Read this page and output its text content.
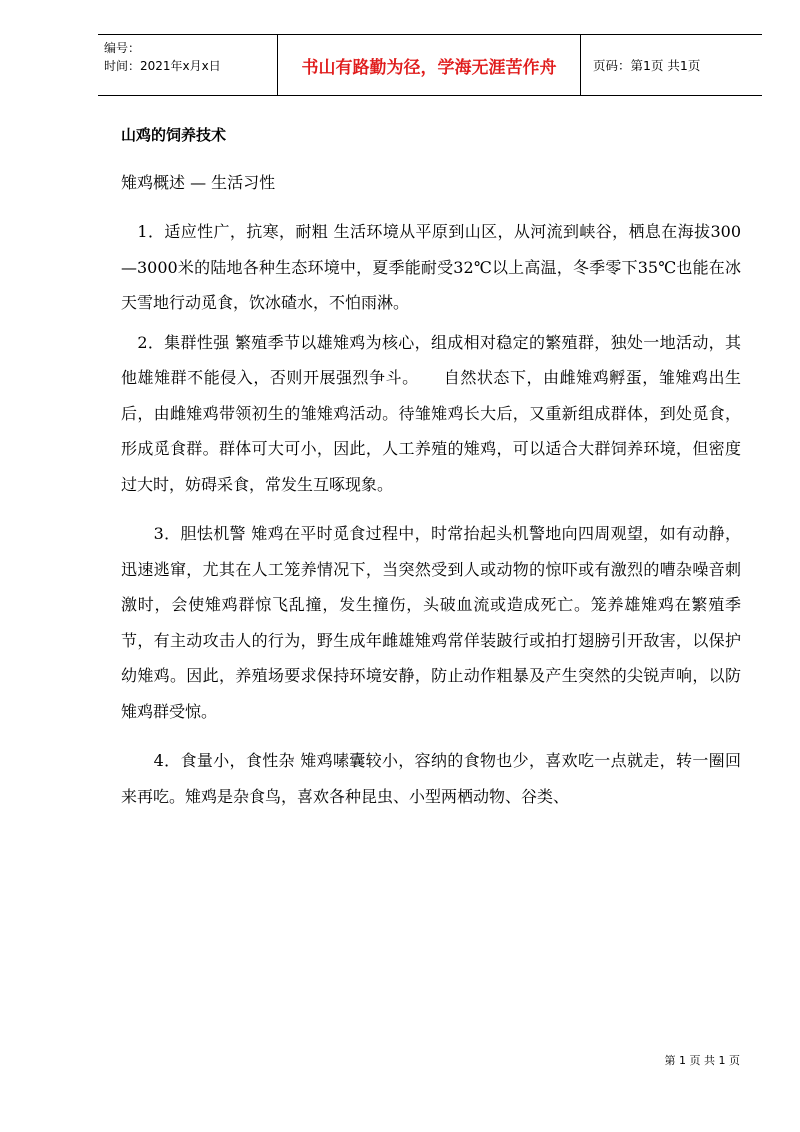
编号：
时间：2021年x月x日	书山有路勤为径，学海无涯苦作舟	页码：第1页 共1页
山鸡的饲养技术
雉鸡概述 — 生活习性

　1．适应性广，抗寒，耐粗 生活环境从平原到山区，从河流到峡谷，栖息在海拔300—3000米的陆地各种生态环境中，夏季能耐受32℃以上高温，冬季零下35℃也能在冰天雪地行动觅食，饮冰碴水，不怕雨淋。

　2．集群性强 繁殖季节以雄雉鸡为核心，组成相对稳定的繁殖群，独处一地活动，其他雄雉群不能侵入，否则开展强烈争斗。　　自然状态下，由雌雉鸡孵蛋，雏雉鸡出生后，由雌雉鸡带领初生的雏雉鸡活动。待雏雉鸡长大后，又重新组成群体，到处觅食，形成觅食群。群体可大可小，因此，人工养殖的雉鸡，可以适合大群饲养环境，但密度过大时，妨碍采食，常发生互啄现象。

　　3．胆怯机警 雉鸡在平时觅食过程中，时常抬起头机警地向四周观望，如有动静，迅速逃窜，尤其在人工笼养情况下，当突然受到人或动物的惊吓或有激烈的嘈杂噪音刺激时，会使雉鸡群惊飞乱撞，发生撞伤，头破血流或造成死亡。笼养雄雉鸡在繁殖季节，有主动攻击人的行为，野生成年雌雄雉鸡常佯装跛行或拍打翅膀引开敌害，以保护幼雉鸡。因此，养殖场要求保持环境安静，防止动作粗暴及产生突然的尖锐声响，以防雉鸡群受惊。

　　4．食量小，食性杂 雉鸡嗉囊较小，容纳的食物也少，喜欢吃一点就走，转一圈回来再吃。雉鸡是杂食鸟，喜欢各种昆虫、小型两栖动物、谷类、

第 1 页 共 1 页
